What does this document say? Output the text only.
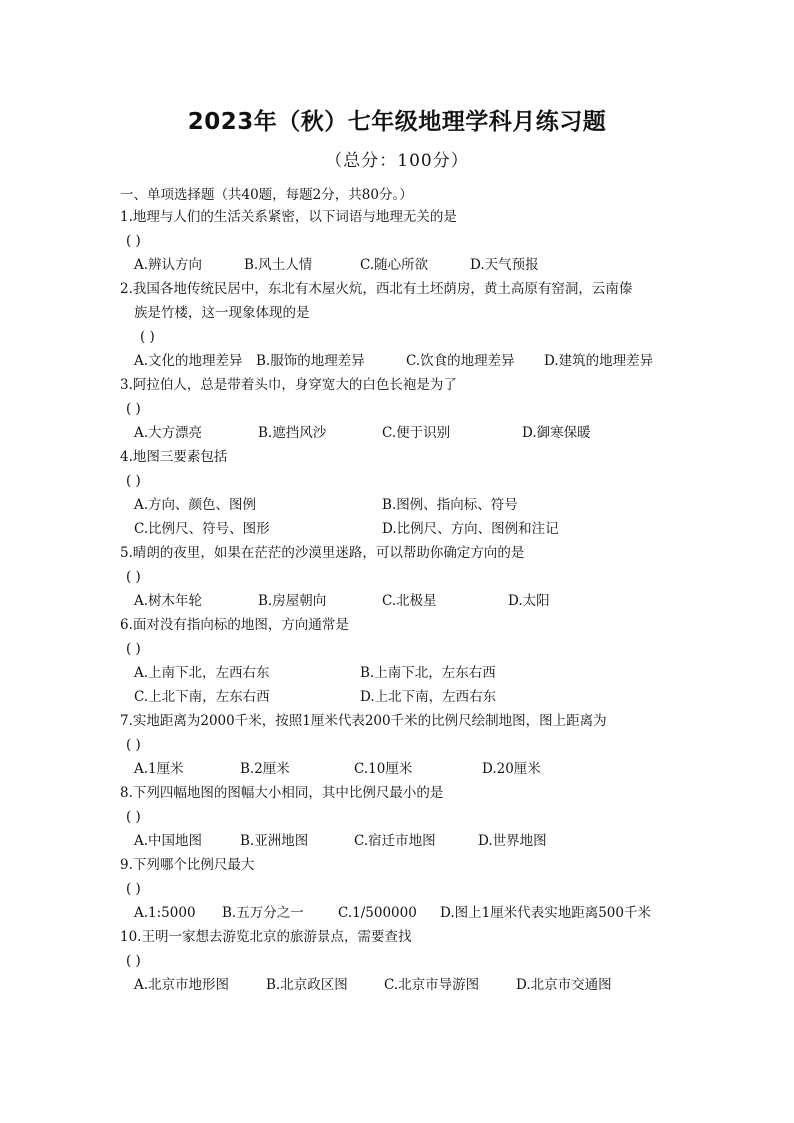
2023年（秋）七年级地理学科月练习题
（总分：100分）
一、单项选择题（共40题，每题2分，共80分。）
1.地理与人们的生活关系紧密，以下词语与地理无关的是
( )
A.辨认方向	B.风土人情	C.随心所欲	D.天气预报
2.我国各地传统民居中，东北有木屋火炕，西北有土坯荫房，黄土高原有窑洞，云南傣
族是竹楼，这一现象体现的是
( )
A.文化的地理差异 B.服饰的地理差异	C.饮食的地理差异	D.建筑的地理差异
3.阿拉伯人，总是带着头巾，身穿宽大的白色长袍是为了
( )
A.大方漂亮	B.遮挡风沙	C.便于识别	D.御寒保暖
4.地图三要素包括
( )
A.方向、颜色、图例	B.图例、指向标、符号
C.比例尺、符号、图形	D.比例尺、方向、图例和注记
5.晴朗的夜里，如果在茫茫的沙漠里迷路，可以帮助你确定方向的是
( )
A.树木年轮	B.房屋朝向	C.北极星	D.太阳
6.面对没有指向标的地图，方向通常是
( )
A.上南下北，左西右东	B.上南下北，左东右西
C.上北下南，左东右西	D.上北下南，左西右东
7.实地距离为2000千米，按照1厘米代表200千米的比例尺绘制地图，图上距离为
( )
A.1厘米	B.2厘米	C.10厘米	D.20厘米
8.下列四幅地图的图幅大小相同，其中比例尺最小的是
( )
A.中国地图	B.亚洲地图	C.宿迁市地图	D.世界地图
9.下列哪个比例尺最大
( )
A.1:5000	B.五万分之一	C.1/500000	D.图上1厘米代表实地距离500千米
10.王明一家想去游览北京的旅游景点，需要查找
( )
A.北京市地形图	B.北京政区图	C.北京市导游图	D.北京市交通图
